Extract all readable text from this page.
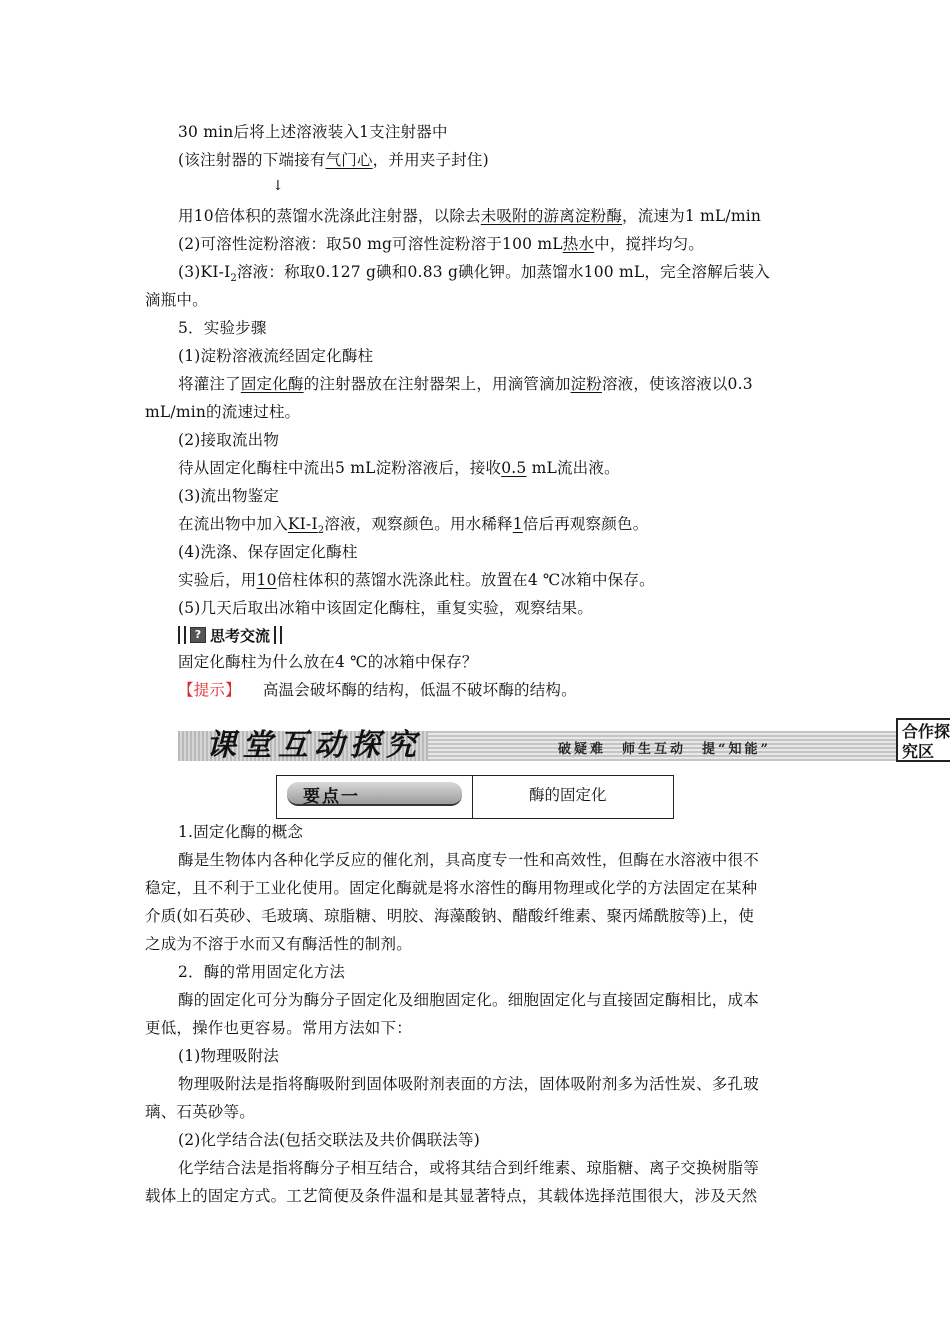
30 min后将上述溶液装入1支注射器中
(该注射器的下端接有气门心，并用夹子封住)
↓
用10倍体积的蒸馏水洗涤此注射器，以除去未吸附的游离淀粉酶，流速为1 mL/min
(2)可溶性淀粉溶液：取50 mg可溶性淀粉溶于100 mL热水中，搅拌均匀。
$(3)KI-I_2$溶液：称取0.127 g碘和0.83 g碘化钾。加蒸馏水100 mL，完全溶解后装入
滴瓶中。
5．实验步骤
(1)淀粉溶液流经固定化酶柱
将灌注了固定化酶的注射器放在注射器架上，用滴管滴加淀粉溶液，使该溶液以0.3
mL/min的流速过柱。
(2)接取流出物
待从固定化酶柱中流出5 mL淀粉溶液后，接收0.5 mL流出液。
(3)流出物鉴定
在流出物中加入$KI-I_2$溶液，观察颜色。用水稀释1倍后再观察颜色。
(4)洗涤、保存固定化酶柱
实验后，用10倍柱体积的蒸馏水洗涤此柱。放置在4 ℃冰箱中保存。
(5)几天后取出冰箱中该固定化酶柱，重复实验，观察结果。
? 思考交流
固定化酶柱为什么放在4 ℃的冰箱中保存？
【提示】 高温会破坏酶的结构，低温不破坏酶的结构。
课堂互动探究	破疑难　师生互动　提“知能”
合作探
究区
要点一	酶的固定化
1.固定化酶的概念
酶是生物体内各种化学反应的催化剂，具高度专一性和高效性，但酶在水溶液中很不
稳定，且不利于工业化使用。固定化酶就是将水溶性的酶用物理或化学的方法固定在某种
介质(如石英砂、毛玻璃、琼脂糖、明胶、海藻酸钠、醋酸纤维素、聚丙烯酰胺等)上，使
之成为不溶于水而又有酶活性的制剂。
2．酶的常用固定化方法
酶的固定化可分为酶分子固定化及细胞固定化。细胞固定化与直接固定酶相比，成本
更低，操作也更容易。常用方法如下：
(1)物理吸附法
物理吸附法是指将酶吸附到固体吸附剂表面的方法，固体吸附剂多为活性炭、多孔玻
璃、石英砂等。
(2)化学结合法(包括交联法及共价偶联法等)
化学结合法是指将酶分子相互结合，或将其结合到纤维素、琼脂糖、离子交换树脂等
载体上的固定方式。工艺简便及条件温和是其显著特点，其载体选择范围很大，涉及天然
